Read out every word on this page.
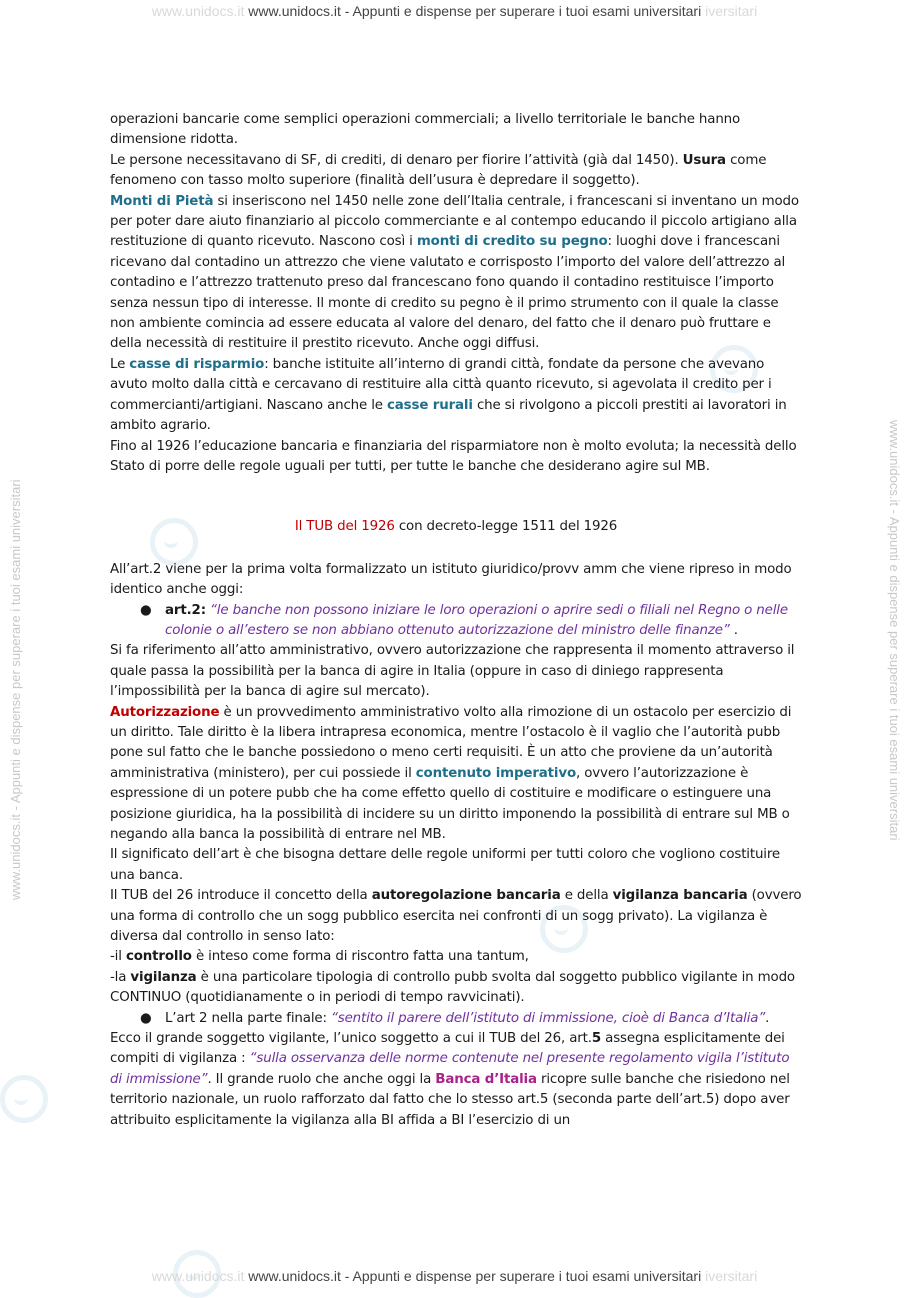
www.unidocs.it www.unidocs.it - Appunti e dispense per superare i tuoi esami universitari iversitari
www.unidocs.it - Appunti e dispense per superare i tuoi esami universitari	www.unidocs.it - Appunti e dispense per superare i tuoi esami universitari

operazioni bancarie come semplici operazioni commerciali; a livello territoriale le banche hanno dimensione ridotta.

Le persone necessitavano di SF, di crediti, di denaro per fiorire l’attività (già dal 1450). Usura come fenomeno con tasso molto superiore (finalità dell’usura è depredare il soggetto).

Monti di Pietà si inseriscono nel 1450 nelle zone dell’Italia centrale, i francescani si inventano un modo per poter dare aiuto finanziario al piccolo commerciante e al contempo educando il piccolo artigiano alla restituzione di quanto ricevuto. Nascono così i monti di credito su pegno: luoghi dove i francescani ricevano dal contadino un attrezzo che viene valutato e corrisposto l’importo del valore dell’attrezzo al contadino e l’attrezzo trattenuto preso dal francescano fono quando il contadino restituisce l’importo senza nessun tipo di interesse. Il monte di credito su pegno è il primo strumento con il quale la classe non ambiente comincia ad essere educata al valore del denaro, del fatto che il denaro può fruttare e della necessità di restituire il prestito ricevuto. Anche oggi diffusi.

Le casse di risparmio: banche istituite all’interno di grandi città, fondate da persone che avevano avuto molto dalla città e cercavano di restituire alla città quanto ricevuto, si agevolata il credito per i commercianti/artigiani. Nascano anche le casse rurali che si rivolgono a piccoli prestiti ai lavoratori in ambito agrario.

Fino al 1926 l’educazione bancaria e finanziaria del risparmiatore non è molto evoluta; la necessità dello Stato di porre delle regole uguali per tutti, per tutte le banche che desiderano agire sul MB.

Il TUB del 1926 con decreto-legge 1511 del 1926

All’art.2 viene per la prima volta formalizzato un istituto giuridico/provv amm che viene ripreso in modo identico anche oggi:

● art.2: “le banche non possono iniziare le loro operazioni o aprire sedi o filiali nel Regno o nelle colonie o all’estero se non abbiano ottenuto autorizzazione del ministro delle finanze” .

Si fa riferimento all’atto amministrativo, ovvero autorizzazione che rappresenta il momento attraverso il quale passa la possibilità per la banca di agire in Italia (oppure in caso di diniego rappresenta l’impossibilità per la banca di agire sul mercato).

Autorizzazione è un provvedimento amministrativo volto alla rimozione di un ostacolo per esercizio di un diritto. Tale diritto è la libera intrapresa economica, mentre l’ostacolo è il vaglio che l’autorità pubb pone sul fatto che le banche possiedono o meno certi requisiti. È un atto che proviene da un’autorità amministrativa (ministero), per cui possiede il contenuto imperativo, ovvero l’autorizzazione è espressione di un potere pubb che ha come effetto quello di costituire e modificare o estinguere una posizione giuridica, ha la possibilità di incidere su un diritto imponendo la possibilità di entrare sul MB o negando alla banca la possibilità di entrare nel MB.

Il significato dell’art è che bisogna dettare delle regole uniformi per tutti coloro che vogliono costituire una banca.

Il TUB del 26 introduce il concetto della autoregolazione bancaria e della vigilanza bancaria (ovvero una forma di controllo che un sogg pubblico esercita nei confronti di un sogg privato). La vigilanza è diversa dal controllo in senso lato:

-il controllo è inteso come forma di riscontro fatta una tantum,

-la vigilanza è una particolare tipologia di controllo pubb svolta dal soggetto pubblico vigilante in modo CONTINUO (quotidianamente o in periodi di tempo ravvicinati).

● L’art 2 nella parte finale: “sentito il parere dell’istituto di immissione, cioè di Banca d’Italia”.

Ecco il grande soggetto vigilante, l’unico soggetto a cui il TUB del 26, art.5 assegna esplicitamente dei compiti di vigilanza : “sulla osservanza delle norme contenute nel presente regolamento vigila l’istituto di immissione”. Il grande ruolo che anche oggi la Banca d’Italia ricopre sulle banche che risiedono nel territorio nazionale, un ruolo rafforzato dal fatto che lo stesso art.5 (seconda parte dell’art.5) dopo aver attribuito esplicitamente la vigilanza alla BI affida a BI l’esercizio di un

www.unidocs.it www.unidocs.it - Appunti e dispense per superare i tuoi esami universitari iversitari
